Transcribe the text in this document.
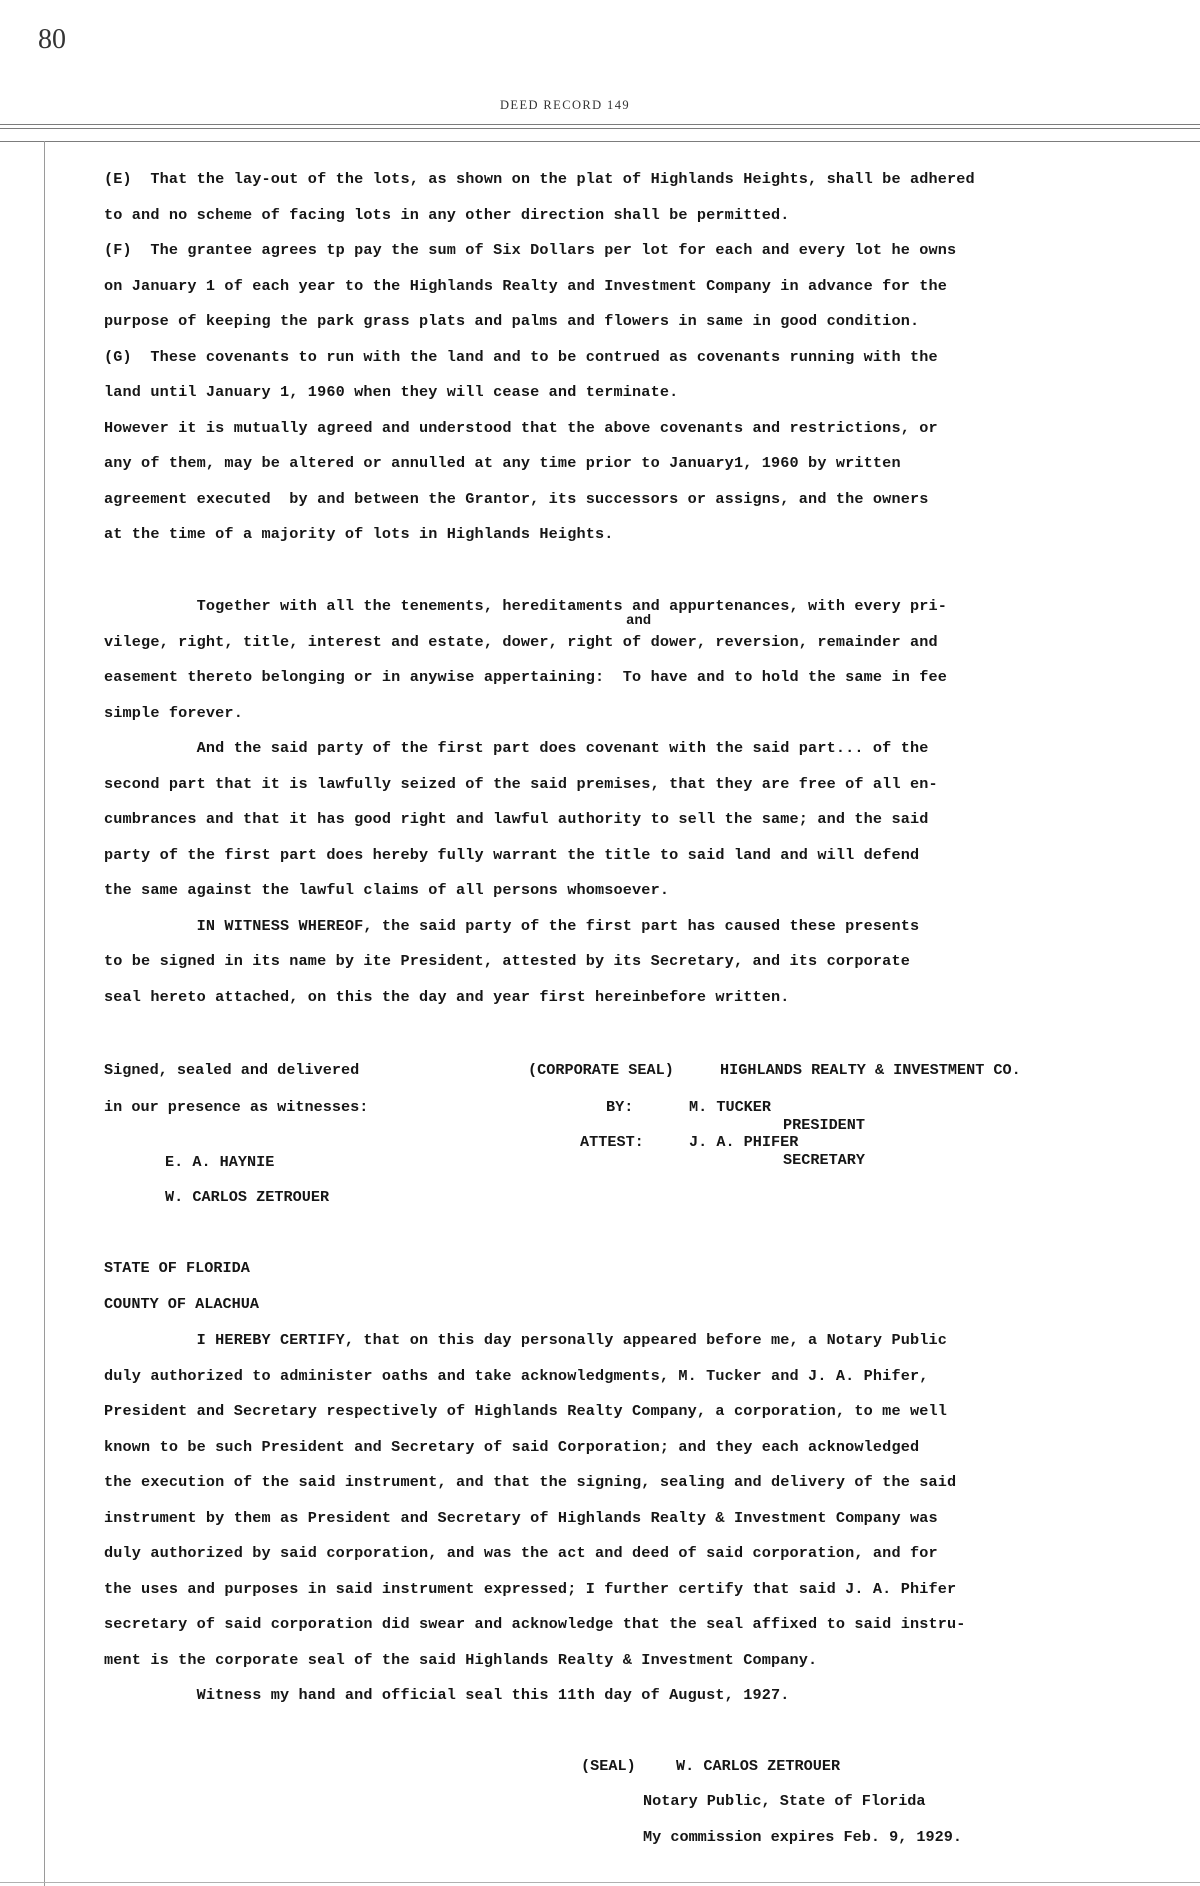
80
DEED RECORD 149
(E)  That the lay-out of the lots, as shown on the plat of Highlands Heights, shall be adhered
to and no scheme of facing lots in any other direction shall be permitted.
(F)  The grantee agrees tp pay the sum of Six Dollars per lot for each and every lot he owns
on January 1 of each year to the Highlands Realty and Investment Company in advance for the
purpose of keeping the park grass plats and palms and flowers in same in good condition.
(G)  These covenants to run with the land and to be contrued as covenants running with the
land until January 1, 1960 when they will cease and terminate.
However it is mutually agreed and understood that the above covenants and restrictions, or
any of them, may be altered or annulled at any time prior to January1, 1960 by written
agreement executed  by and between the Grantor, its successors or assigns, and the owners
at the time of a majority of lots in Highlands Heights.
Together with all the tenements, hereditaments and appurtenances, with every pri-
and
vilege, right, title, interest and estate, dower, right of dower, reversion, remainder and
easement thereto belonging or in anywise appertaining:  To have and to hold the same in fee
simple forever.
And the said party of the first part does covenant with the said part... of the
second part that it is lawfully seized of the said premises, that they are free of all en-
cumbrances and that it has good right and lawful authority to sell the same; and the said
party of the first part does hereby fully warrant the title to said land and will defend
the same against the lawful claims of all persons whomsoever.
IN WITNESS WHEREOF, the said party of the first part has caused these presents
to be signed in its name by ite President, attested by its Secretary, and its corporate
seal hereto attached, on this the day and year first hereinbefore written.
Signed, sealed and delivered
in our presence as witnesses:
(CORPORATE SEAL)	HIGHLANDS REALTY & INVESTMENT CO.
BY:	M. TUCKER
PRESIDENT
ATTEST:	J. A. PHIFER
SECRETARY
E. A. HAYNIE
W. CARLOS ZETROUER
STATE OF FLORIDA
COUNTY OF ALACHUA
I HEREBY CERTIFY, that on this day personally appeared before me, a Notary Public
duly authorized to administer oaths and take acknowledgments, M. Tucker and J. A. Phifer,
President and Secretary respectively of Highlands Realty Company, a corporation, to me well
known to be such President and Secretary of said Corporation; and they each acknowledged
the execution of the said instrument, and that the signing, sealing and delivery of the said
instrument by them as President and Secretary of Highlands Realty & Investment Company was
duly authorized by said corporation, and was the act and deed of said corporation, and for
the uses and purposes in said instrument expressed; I further certify that said J. A. Phifer
secretary of said corporation did swear and acknowledge that the seal affixed to said instru-
ment is the corporate seal of the said Highlands Realty & Investment Company.
Witness my hand and official seal this 11th day of August, 1927.
(SEAL)	W. CARLOS ZETROUER
Notary Public, State of Florida
My commission expires Feb. 9, 1929.
